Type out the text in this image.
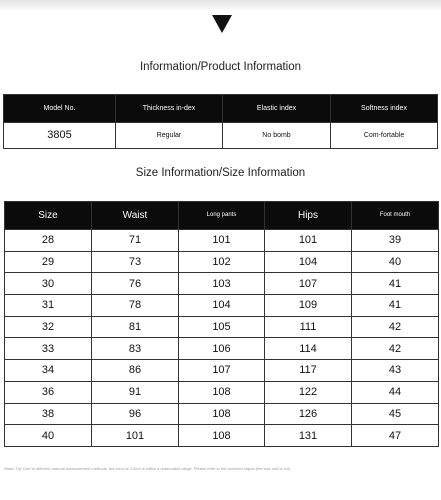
Information/Product Information
Model No.	Thickness in-dex	Elastic index	Softness index
3805	Regular	No bomb	Com-fortable
Size Information/Size Information
Size	Waist	Long pants	Hips	Foot mouth
28	71	101	101	39
29	73	102	104	40
30	76	103	107	41
31	78	104	109	41
32	81	105	111	42
33	83	106	114	42
34	86	107	117	43
36	91	108	122	44
38	96	108	126	45
40	101	108	131	47
Warm Tip: Due to different manual measurement methods, the error of 2-3cm is within a reasonable range. Please refer to the received object (the size unit is cm)
